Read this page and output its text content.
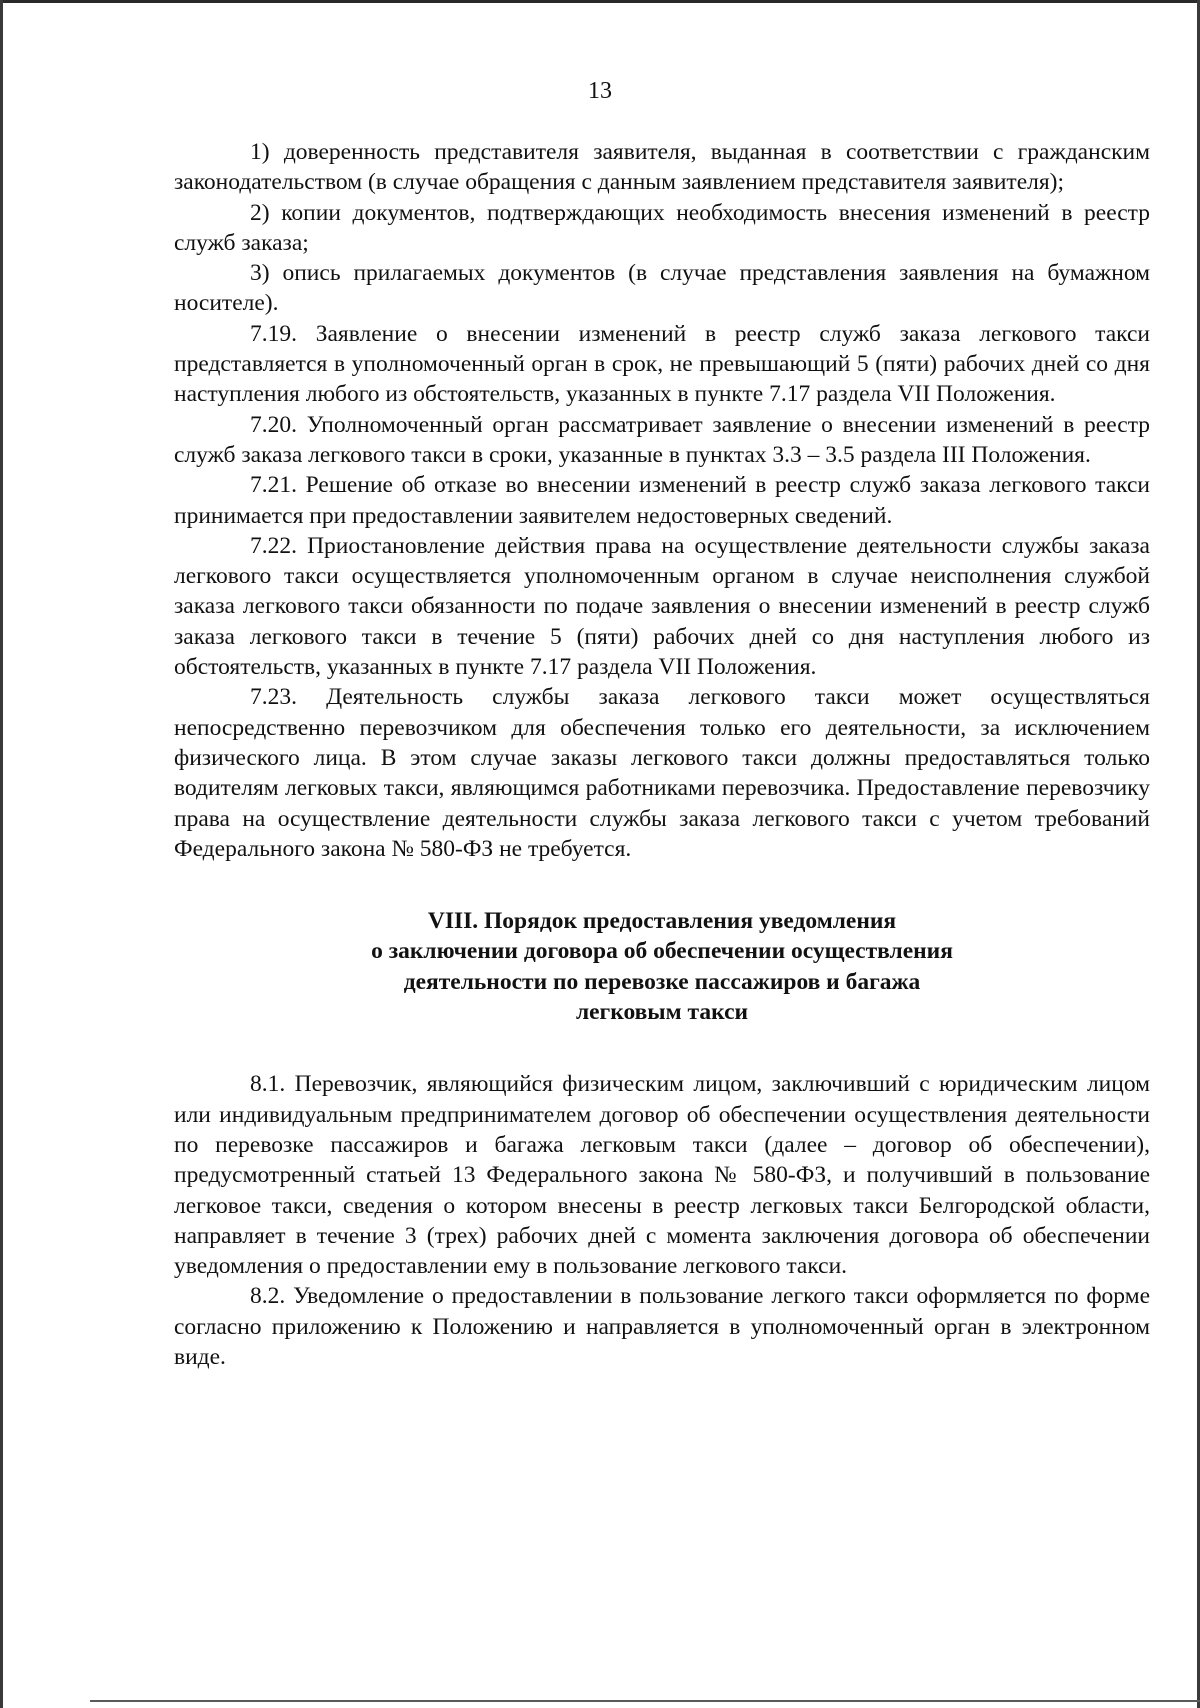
13

1) доверенность представителя заявителя, выданная в соответствии с гражданским законодательством (в случае обращения с данным заявлением представителя заявителя);

2) копии документов, подтверждающих необходимость внесения изменений в реестр служб заказа;

3) опись прилагаемых документов (в случае представления заявления на бумажном носителе).

7.19. Заявление о внесении изменений в реестр служб заказа легкового такси представляется в уполномоченный орган в срок, не превышающий 5 (пяти) рабочих дней со дня наступления любого из обстоятельств, указанных в пункте 7.17 раздела VII Положения.

7.20. Уполномоченный орган рассматривает заявление о внесении изменений в реестр служб заказа легкового такси в сроки, указанные в пунктах 3.3 – 3.5 раздела III Положения.

7.21. Решение об отказе во внесении изменений в реестр служб заказа легкового такси принимается при предоставлении заявителем недостоверных сведений.

7.22. Приостановление действия права на осуществление деятельности службы заказа легкового такси осуществляется уполномоченным органом в случае неисполнения службой заказа легкового такси обязанности по подаче заявления о внесении изменений в реестр служб заказа легкового такси в течение 5 (пяти) рабочих дней со дня наступления любого из обстоятельств, указанных в пункте 7.17 раздела VII Положения.

7.23. Деятельность службы заказа легкового такси может осуществляться непосредственно перевозчиком для обеспечения только его деятельности, за исключением физического лица. В этом случае заказы легкового такси должны предоставляться только водителям легковых такси, являющимся работниками перевозчика. Предоставление перевозчику права на осуществление деятельности службы заказа легкового такси с учетом требований Федерального закона № 580-ФЗ не требуется.

VIII. Порядок предоставления уведомления
о заключении договора об обеспечении осуществления
деятельности по перевозке пассажиров и багажа
легковым такси

8.1. Перевозчик, являющийся физическим лицом, заключивший с юридическим лицом или индивидуальным предпринимателем договор об обеспечении осуществления деятельности по перевозке пассажиров и багажа легковым такси (далее – договор об обеспечении), предусмотренный статьей 13 Федерального закона № 580-ФЗ, и получивший в пользование легковое такси, сведения о котором внесены в реестр легковых такси Белгородской области, направляет в течение 3 (трех) рабочих дней с момента заключения договора об обеспечении уведомления о предоставлении ему в пользование легкового такси.

8.2. Уведомление о предоставлении в пользование легкого такси оформляется по форме согласно приложению к Положению и направляется в уполномоченный орган в электронном виде.
